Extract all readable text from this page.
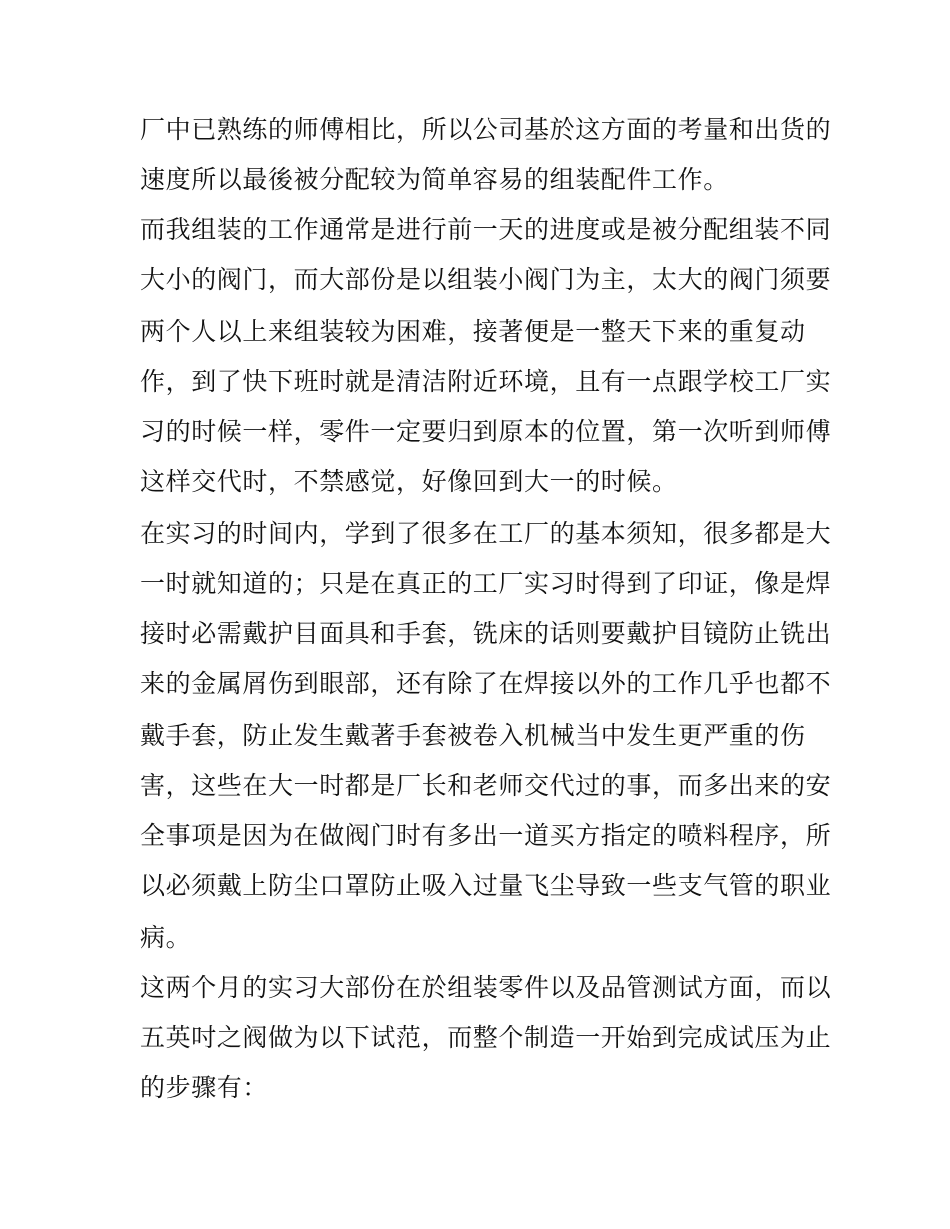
厂中已熟练的师傅相比，所以公司基於这方面的考量和出货的
速度所以最後被分配较为简单容易的组装配件工作。
而我组装的工作通常是进行前一天的进度或是被分配组装不同
大小的阀门，而大部份是以组装小阀门为主，太大的阀门须要
两个人以上来组装较为困难，接著便是一整天下来的重复动
作，到了快下班时就是清洁附近环境，且有一点跟学校工厂实
习的时候一样，零件一定要归到原本的位置，第一次听到师傅
这样交代时，不禁感觉，好像回到大一的时候。
在实习的时间内，学到了很多在工厂的基本须知，很多都是大
一时就知道的；只是在真正的工厂实习时得到了印证，像是焊
接时必需戴护目面具和手套，铣床的话则要戴护目镜防止铣出
来的金属屑伤到眼部，还有除了在焊接以外的工作几乎也都不
戴手套，防止发生戴著手套被卷入机械当中发生更严重的伤
害，这些在大一时都是厂长和老师交代过的事，而多出来的安
全事项是因为在做阀门时有多出一道买方指定的喷料程序，所
以必须戴上防尘口罩防止吸入过量飞尘导致一些支气管的职业
病。
这两个月的实习大部份在於组装零件以及品管测试方面，而以
五英吋之阀做为以下试范，而整个制造一开始到完成试压为止
的步骤有：
